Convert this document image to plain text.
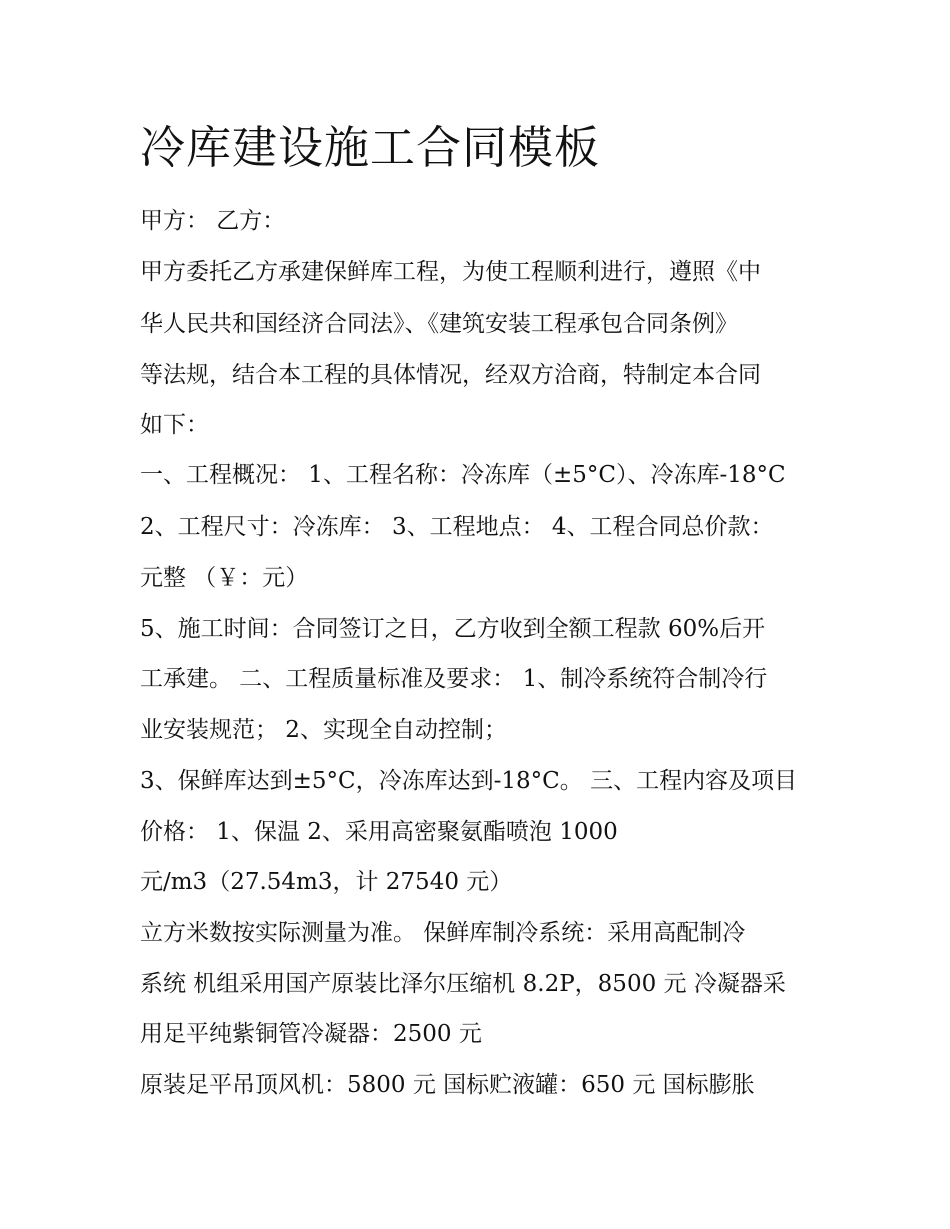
冷库建设施工合同模板

甲方： 乙方：

甲方委托乙方承建保鲜库工程，为使工程顺利进行，遵照《中

华人民共和国经济合同法》、《建筑安装工程承包合同条例》

等法规，结合本工程的具体情况，经双方洽商，特制定本合同

如下：

一、工程概况： 1、工程名称：冷冻库（±5°C）、冷冻库-18°C

2、工程尺寸：冷冻库： 3、工程地点： 4、工程合同总价款：

元整 （￥：元）

5、施工时间：合同签订之日，乙方收到全额工程款 60%后开

工承建。 二、工程质量标准及要求： 1、制冷系统符合制冷行

业安装规范； 2、实现全自动控制；

3、保鲜库达到±5°C，冷冻库达到-18°C。 三、工程内容及项目

价格： 1、保温 2、采用高密聚氨酯喷泡 1000

元/m3（27.54m3，计 27540 元）

立方米数按实际测量为准。 保鲜库制冷系统：采用高配制冷

系统 机组采用国产原装比泽尔压缩机 8.2P，8500 元 冷凝器采

用足平纯紫铜管冷凝器：2500 元

原装足平吊顶风机：5800 元 国标贮液罐：650 元 国标膨胀
